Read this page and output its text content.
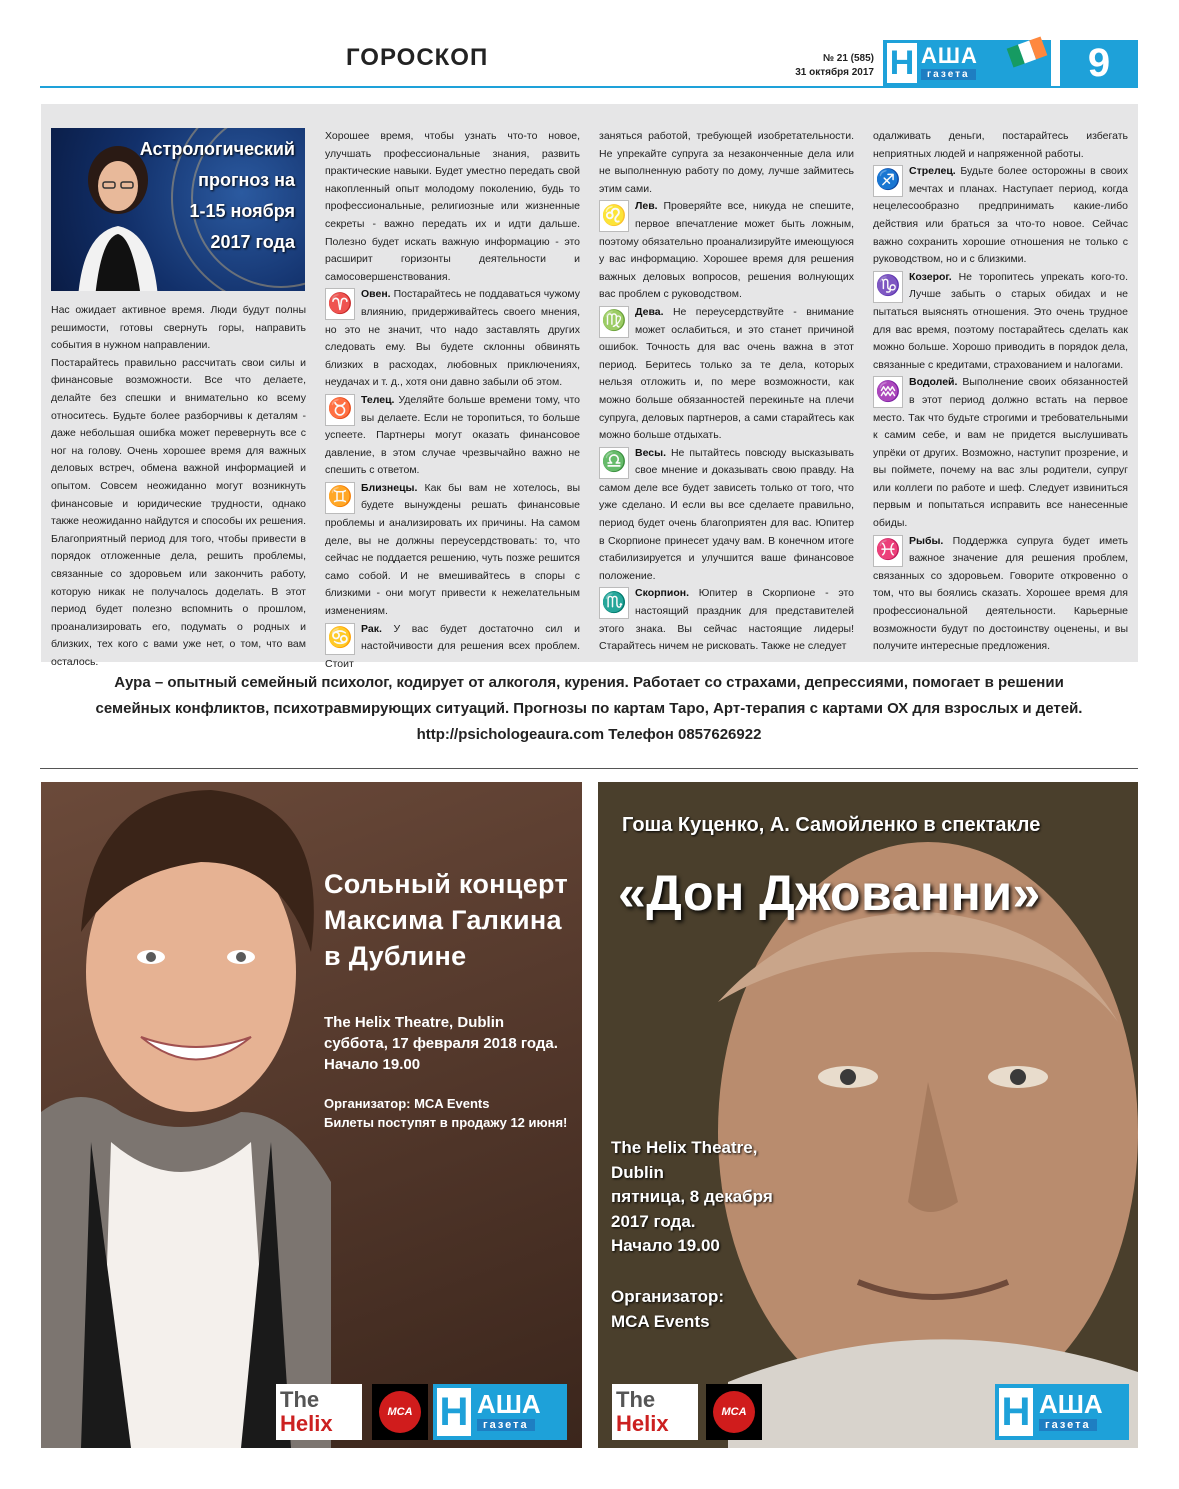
ГОРОСКОП	№ 21 (585)
31 октября 2017 Н АША
газета	9
Астрологический
прогноз на
1-15 ноября
2017 года

Нас ожидает активное время. Люди будут полны решимости, готовы свернуть горы, направить события в нужном направлении.

Постарайтесь правильно рассчитать свои силы и финансовые возможности. Все что делаете, делайте без спешки и внимательно ко всему относитесь. Будьте более разборчивы к деталям - даже небольшая ошибка может перевернуть все с ног на голову. Очень хорошее время для важных деловых встреч, обмена важной информацией и опытом. Совсем неожиданно могут возникнуть финансовые и юридические трудности, однако также неожиданно найдутся и способы их решения. Благоприятный период для того, чтобы привести в порядок отложенные дела, решить проблемы, связанные со здоровьем или закончить работу, которую никак не получалось доделать. В этот период будет полезно вспомнить о прошлом, проанализировать его, подумать о родных и близких, тех кого с вами уже нет, о том, что вам осталось.

Хорошее время, чтобы узнать что-то новое, улучшать профессиональные знания, развить практические навыки. Будет уместно передать свой накопленный опыт молодому поколению, будь то профессиональные, религиозные или жизненные секреты - важно передать их и идти дальше. Полезно будет искать важную информацию - это расширит горизонты деятельности и самосовершенствования.

♈ Овен. Постарайтесь не поддаваться чужому влиянию, придерживайтесь своего мнения, но это не значит, что надо заставлять других следовать ему. Вы будете склонны обвинять близких в расходах, любовных приключениях, неудачах и т. д., хотя они давно забыли об этом.
♉ Телец. Уделяйте больше времени тому, что вы делаете. Если не торопиться, то больше успеете. Партнеры могут оказать финансовое давление, в этом случае чрезвычайно важно не спешить с ответом.
♊ Близнецы. Как бы вам не хотелось, вы будете вынуждены решать финансовые проблемы и анализировать их причины. На самом деле, вы не должны переусердствовать: то, что сейчас не поддается решению, чуть позже решится само собой. И не вмешивайтесь в споры с близкими - они могут привести к нежелательным изменениям.
♋ Рак. У вас будет достаточно сил и настойчивости для решения всех проблем. Стоит

заняться работой, требующей изобретательности. Не упрекайте супруга за незаконченные дела или не выполненную работу по дому, лучше займитесь этим сами.

♌ Лев. Проверяйте все, никуда не спешите, первое впечатление может быть ложным, поэтому обязательно проанализируйте имеющуюся у вас информацию. Хорошее время для решения важных деловых вопросов, решения волнующих вас проблем с руководством.
♍ Дева. Не переусердствуйте - внимание может ослабиться, и это станет причиной ошибок. Точность для вас очень важна в этот период. Беритесь только за те дела, которых нельзя отложить и, по мере возможности, как можно больше обязанностей перекиньте на плечи супруга, деловых партнеров, а сами старайтесь как можно больше отдыхать.
♎ Весы. Не пытайтесь повсюду высказывать свое мнение и доказывать свою правду. На самом деле все будет зависеть только от того, что уже сделано. И если вы все сделаете правильно, период будет очень благоприятен для вас. Юпитер в Скорпионе принесет удачу вам. В конечном итоге стабилизируется и улучшится ваше финансовое положение.
♏ Скорпион. Юпитер в Скорпионе - это настоящий праздник для представителей этого знака. Вы сейчас настоящие лидеры! Старайтесь ничем не рисковать. Также не следует

одалживать деньги, постарайтесь избегать неприятных людей и напряженной работы.

♐ Стрелец. Будьте более осторожны в своих мечтах и планах. Наступает период, когда нецелесообразно предпринимать какие-либо действия или браться за что-то новое. Сейчас важно сохранить хорошие отношения не только с руководством, но и с близкими.
♑ Козерог. Не торопитесь упрекать кого-то. Лучше забыть о старых обидах и не пытаться выяснять отношения. Это очень трудное для вас время, поэтому постарайтесь сделать как можно больше. Хорошо приводить в порядок дела, связанные с кредитами, страхованием и налогами.
♒ Водолей. Выполнение своих обязанностей в этот период должно встать на первое место. Так что будьте строгими и требовательными к самим себе, и вам не придется выслушивать упрёки от других. Возможно, наступит прозрение, и вы поймете, почему на вас злы родители, супруг или коллеги по работе и шеф. Следует извиниться первым и попытаться исправить все нанесенные обиды.
♓ Рыбы. Поддержка супруга будет иметь важное значение для решения проблем, связанных со здоровьем. Говорите откровенно о том, что вы боялись сказать. Хорошее время для профессиональной деятельности. Карьерные возможности будут по достоинству оценены, и вы получите интересные предложения.
Аура – опытный семейный психолог, кодирует от алкоголя, курения. Работает со страхами, депрессиями, помогает в решении
семейных конфликтов, психотравмирующих ситуаций. Прогнозы по картам Таро, Арт-терапия с картами ОХ для взрослых и детей.
http://psichologeaura.com Телефон 0857626922
Сольный концерт
Максима Галкина
в Дублине
The Helix Theatre, Dublin
суббота, 17 февраля 2018 года.
Начало 19.00
Организатор: MCA Events
Билеты поступят в продажу 12 июня!
The
Helix	MCA Н АША
газета
Гоша Куценко, А. Самойленко в спектакле
«Дон Джованни»
The Helix Theatre,
Dublin
пятница, 8 декабря
2017 года.
Начало 19.00
Организатор:
MCA Events
The
Helix	MCA	Н АША
газета
